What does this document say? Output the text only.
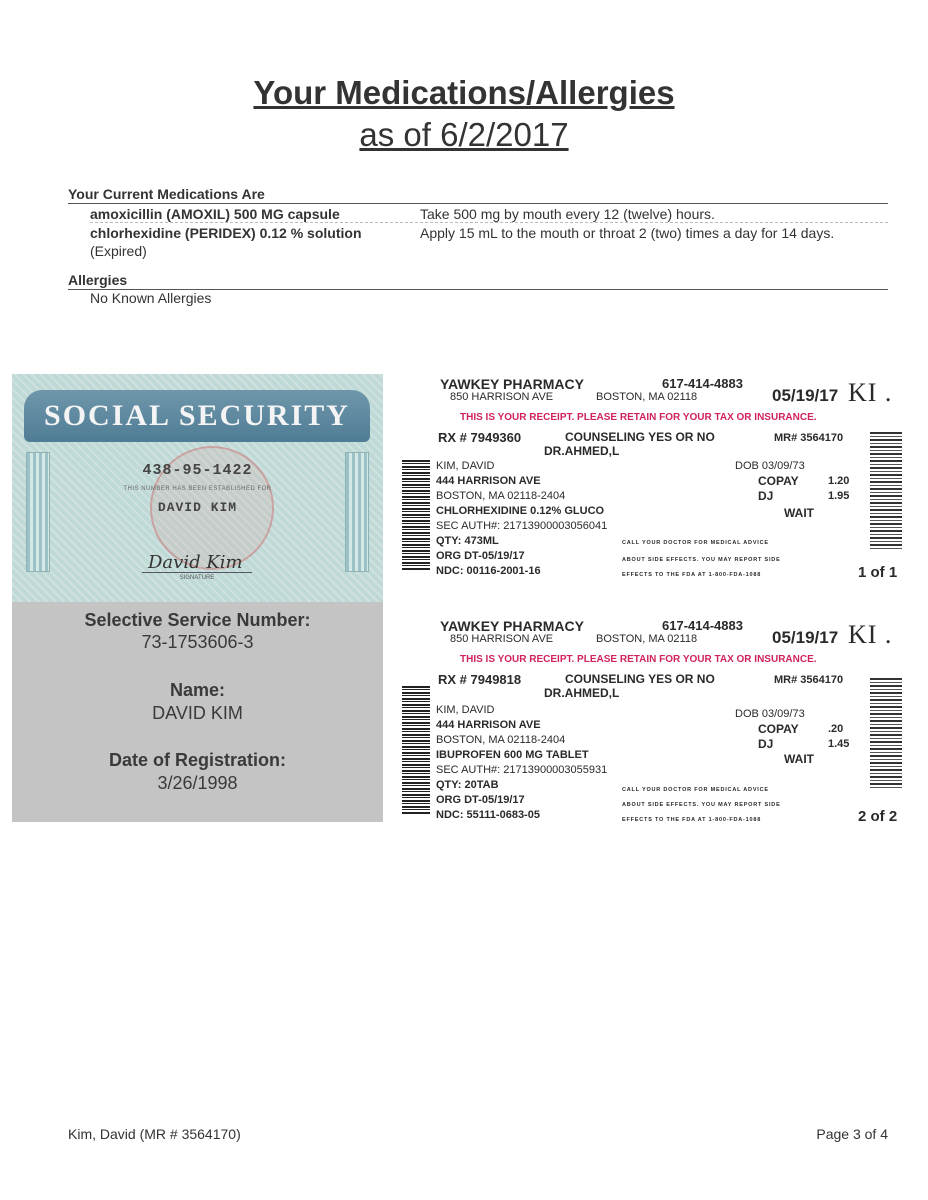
Your Medications/Allergies
as of 6/2/2017
Your Current Medications Are
amoxicillin (AMOXIL) 500 MG capsule	Take 500 mg by mouth every 12 (twelve) hours.
chlorhexidine (PERIDEX) 0.12 % solution	Apply 15 mL to the mouth or throat 2 (two) times a day for 14 days.
(Expired)
Allergies
No Known Allergies
SOCIAL SECURITY
438-95-1422
THIS NUMBER HAS BEEN ESTABLISHED FOR
DAVID KIM
David Kim
SIGNATURE
Selective Service Number:
73-1753606-3
Name:
DAVID KIM
Date of Registration:
3/26/1998
YAWKEY PHARMACY	617-414-4883
850 HARRISON AVE	BOSTON, MA 02118	05/19/17 KI .
THIS IS YOUR RECEIPT. PLEASE RETAIN FOR YOUR TAX OR INSURANCE.
RX # 7949360	COUNSELING YES OR NO
DR.AHMED,L
MR# 3564170
KIM, DAVID
444 HARRISON AVE
BOSTON, MA 02118-2404
CHLORHEXIDINE 0.12% GLUCO
SEC AUTH#: 21713900003056041
QTY: 473ML
ORG DT-05/19/17
NDC: 00116-2001-16
DOB 03/09/73
COPAY	1.20
DJ	1.95
WAIT
CALL YOUR DOCTOR FOR MEDICAL ADVICE
ABOUT SIDE EFFECTS. YOU MAY REPORT SIDE
EFFECTS TO THE FDA AT 1-800-FDA-1088	1 of 1
YAWKEY PHARMACY	617-414-4883
850 HARRISON AVE	BOSTON, MA 02118	05/19/17 KI .
THIS IS YOUR RECEIPT. PLEASE RETAIN FOR YOUR TAX OR INSURANCE.
RX # 7949818	COUNSELING YES OR NO
DR.AHMED,L
MR# 3564170
KIM, DAVID
444 HARRISON AVE
BOSTON, MA 02118-2404
IBUPROFEN 600 MG TABLET
SEC AUTH#: 21713900003055931
QTY: 20TAB
ORG DT-05/19/17
NDC: 55111-0683-05
DOB 03/09/73
COPAY	.20
DJ	1.45
WAIT
CALL YOUR DOCTOR FOR MEDICAL ADVICE
ABOUT SIDE EFFECTS. YOU MAY REPORT SIDE
EFFECTS TO THE FDA AT 1-800-FDA-1088	2 of 2
Kim, David (MR # 3564170)	Page 3 of 4
